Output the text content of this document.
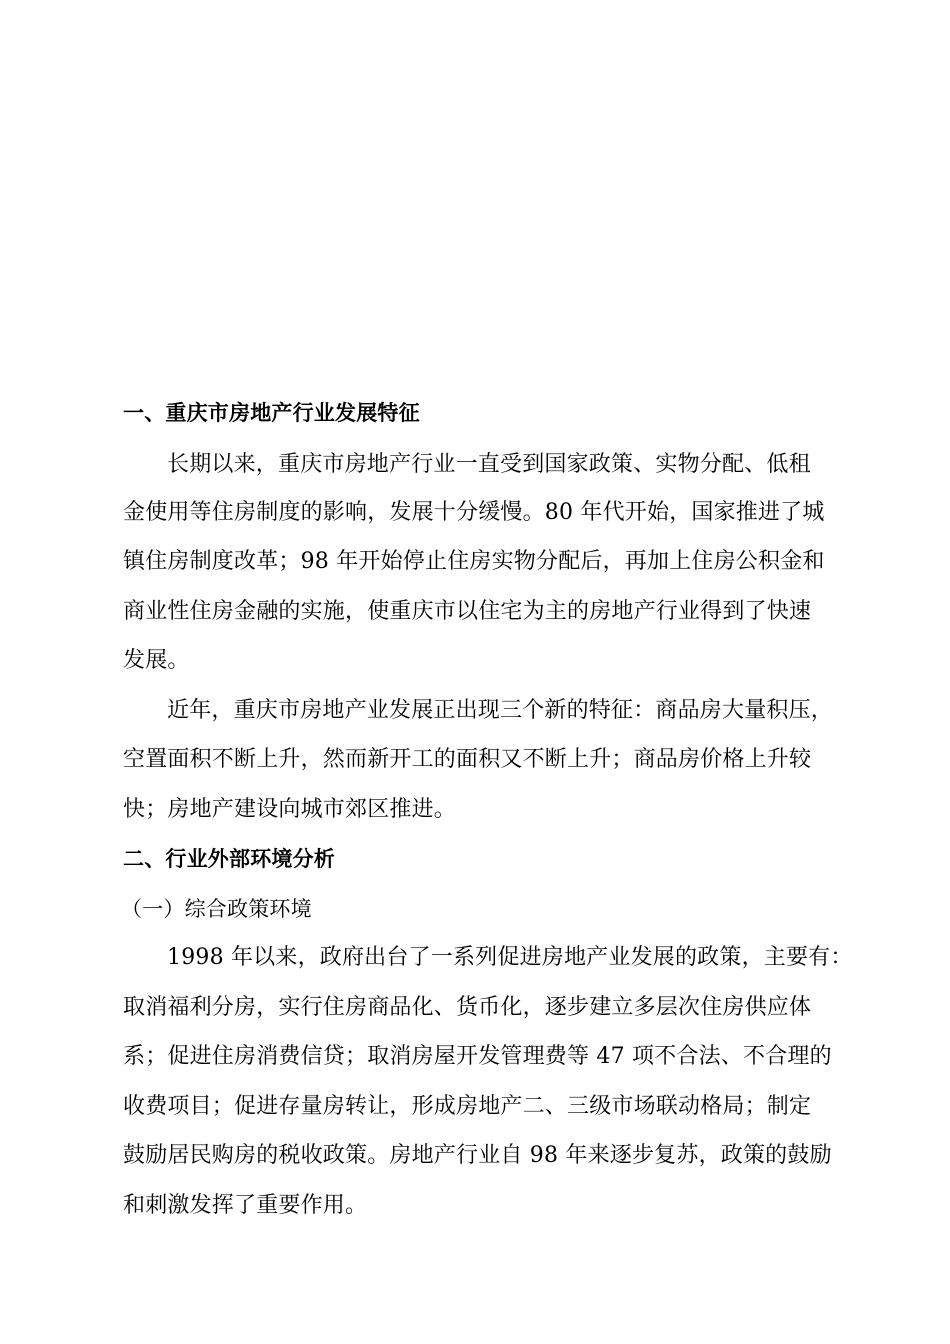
一、重庆市房地产行业发展特征
长期以来，重庆市房地产行业一直受到国家政策、实物分配、低租
金使用等住房制度的影响，发展十分缓慢。80 年代开始，国家推进了城
镇住房制度改革；98 年开始停止住房实物分配后，再加上住房公积金和
商业性住房金融的实施，使重庆市以住宅为主的房地产行业得到了快速
发展。
近年，重庆市房地产业发展正出现三个新的特征：商品房大量积压，
空置面积不断上升，然而新开工的面积又不断上升；商品房价格上升较
快；房地产建设向城市郊区推进。
二、行业外部环境分析
（一）综合政策环境
1998 年以来，政府出台了一系列促进房地产业发展的政策，主要有：
取消福利分房，实行住房商品化、货币化，逐步建立多层次住房供应体
系；促进住房消费信贷；取消房屋开发管理费等 47 项不合法、不合理的
收费项目；促进存量房转让，形成房地产二、三级市场联动格局；制定
鼓励居民购房的税收政策。房地产行业自 98 年来逐步复苏，政策的鼓励
和刺激发挥了重要作用。
